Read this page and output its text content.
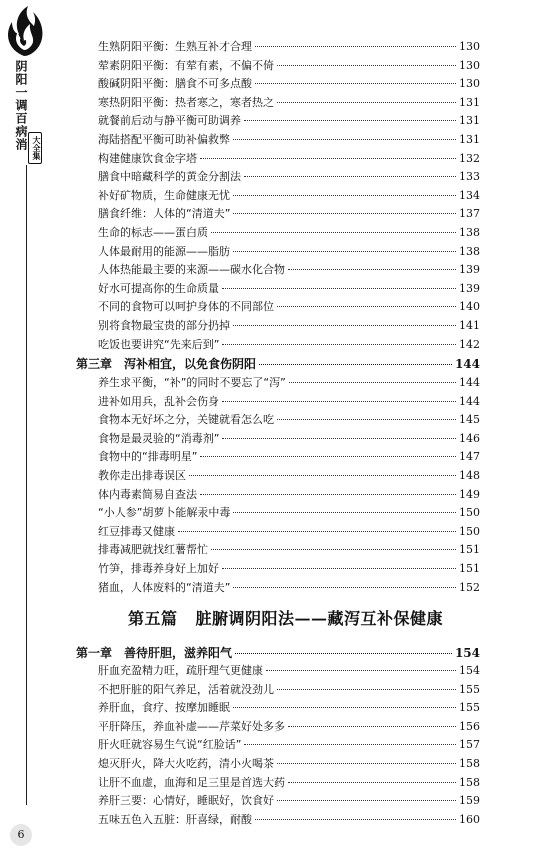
阴阳一调百病消 大全集
6
第五篇 脏腑调阴阳法——藏泻互补保健康
生熟阴阳平衡：生熟互补才合理	130
荤素阴阳平衡：有荤有素，不偏不倚	130
酸碱阴阳平衡：膳食不可多点酸	130
寒热阴阳平衡：热者寒之，寒者热之	131
就餐前后动与静平衡可助调养	131
海陆搭配平衡可助补偏救弊	131
构建健康饮食金字塔	132
膳食中暗藏科学的黄金分割法	133
补好矿物质，生命健康无忧	134
膳食纤维：人体的“清道夫”	137
生命的标志——蛋白质	138
人体最耐用的能源——脂肪	138
人体热能最主要的来源——碳水化合物	139
好水可提高你的生命质量	139
不同的食物可以呵护身体的不同部位	140
别将食物最宝贵的部分扔掉	141
吃饭也要讲究“先来后到”	142
第三章　泻补相宜，以免食伤阴阳	144
养生求平衡，“补”的同时不要忘了“泻”	144
进补如用兵，乱补会伤身	144
食物本无好坏之分，关键就看怎么吃	145
食物是最灵验的“消毒剂”	146
食物中的“排毒明星”	147
教你走出排毒误区	148
体内毒素简易自查法	149
“小人参”胡萝卜能解汞中毒	150
红豆排毒又健康	150
排毒减肥就找红薯帮忙	151
竹笋，排毒养身好上加好	151
猪血，人体废料的“清道夫”	152
第一章　善待肝胆，滋养阳气	154
肝血充盈精力旺，疏肝理气更健康	154
不把肝脏的阳气养足，活着就没劲儿	155
养肝血，食疗、按摩加睡眠	155
平肝降压，养血补虚——芹菜好处多多	156
肝火旺就容易生气说“红脸话”	157
熄灭肝火，降大火吃药，清小火喝茶	158
让肝不血虚，血海和足三里是首选大药	158
养肝三要：心情好，睡眠好，饮食好	159
五味五色入五脏：肝喜绿，耐酸	160
